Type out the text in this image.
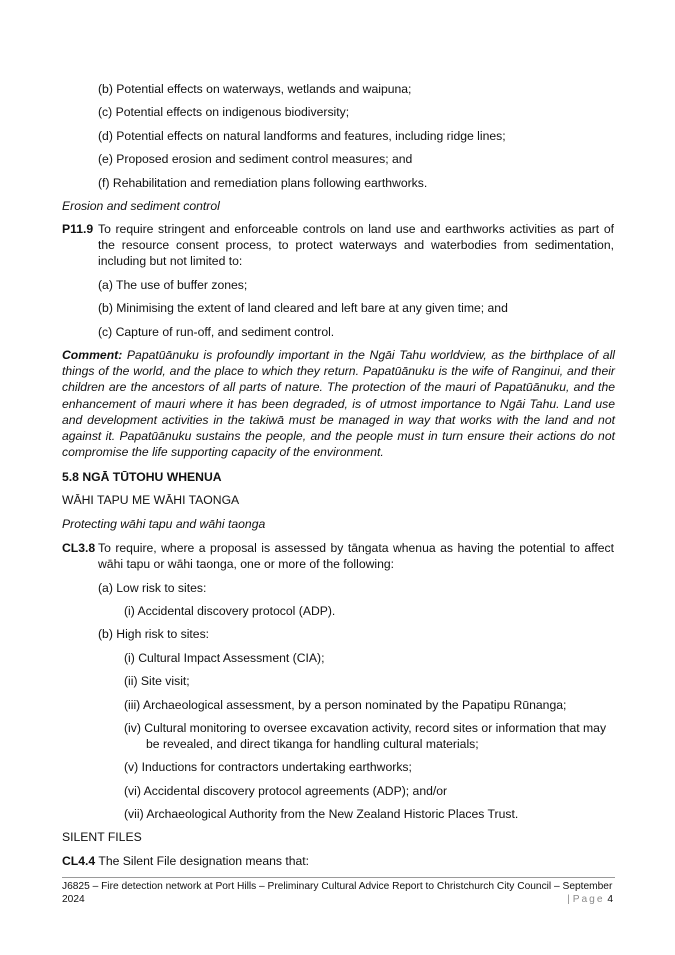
(b) Potential effects on waterways, wetlands and waipuna;
(c) Potential effects on indigenous biodiversity;
(d) Potential effects on natural landforms and features, including ridge lines;
(e) Proposed erosion and sediment control measures; and
(f) Rehabilitation and remediation plans following earthworks.
Erosion and sediment control
P11.9 To require stringent and enforceable controls on land use and earthworks activities as part of the resource consent process, to protect waterways and waterbodies from sedimentation, including but not limited to:
(a) The use of buffer zones;
(b) Minimising the extent of land cleared and left bare at any given time; and
(c) Capture of run-off, and sediment control.
Comment: Papatūānuku is profoundly important in the Ngāi Tahu worldview, as the birthplace of all things of the world, and the place to which they return. Papatūānuku is the wife of Ranginui, and their children are the ancestors of all parts of nature. The protection of the mauri of Papatūānuku, and the enhancement of mauri where it has been degraded, is of utmost importance to Ngāi Tahu. Land use and development activities in the takiwā must be managed in way that works with the land and not against it. Papatūānuku sustains the people, and the people must in turn ensure their actions do not compromise the life supporting capacity of the environment.
5.8 NGĀ TŪTOHU WHENUA
WĀHI TAPU ME WĀHI TAONGA
Protecting wāhi tapu and wāhi taonga
CL3.8 To require, where a proposal is assessed by tāngata whenua as having the potential to affect wāhi tapu or wāhi taonga, one or more of the following:
(a) Low risk to sites:
(i) Accidental discovery protocol (ADP).
(b) High risk to sites:
(i) Cultural Impact Assessment (CIA);
(ii) Site visit;
(iii) Archaeological assessment, by a person nominated by the Papatipu Rūnanga;
(iv) Cultural monitoring to oversee excavation activity, record sites or information that may
be revealed, and direct tikanga for handling cultural materials;
(v) Inductions for contractors undertaking earthworks;
(vi) Accidental discovery protocol agreements (ADP); and/or
(vii) Archaeological Authority from the New Zealand Historic Places Trust.
SILENT FILES
CL4.4 The Silent File designation means that:
J6825 – Fire detection network at Port Hills – Preliminary Cultural Advice Report to Christchurch City Council – September 2024	| Page 4
